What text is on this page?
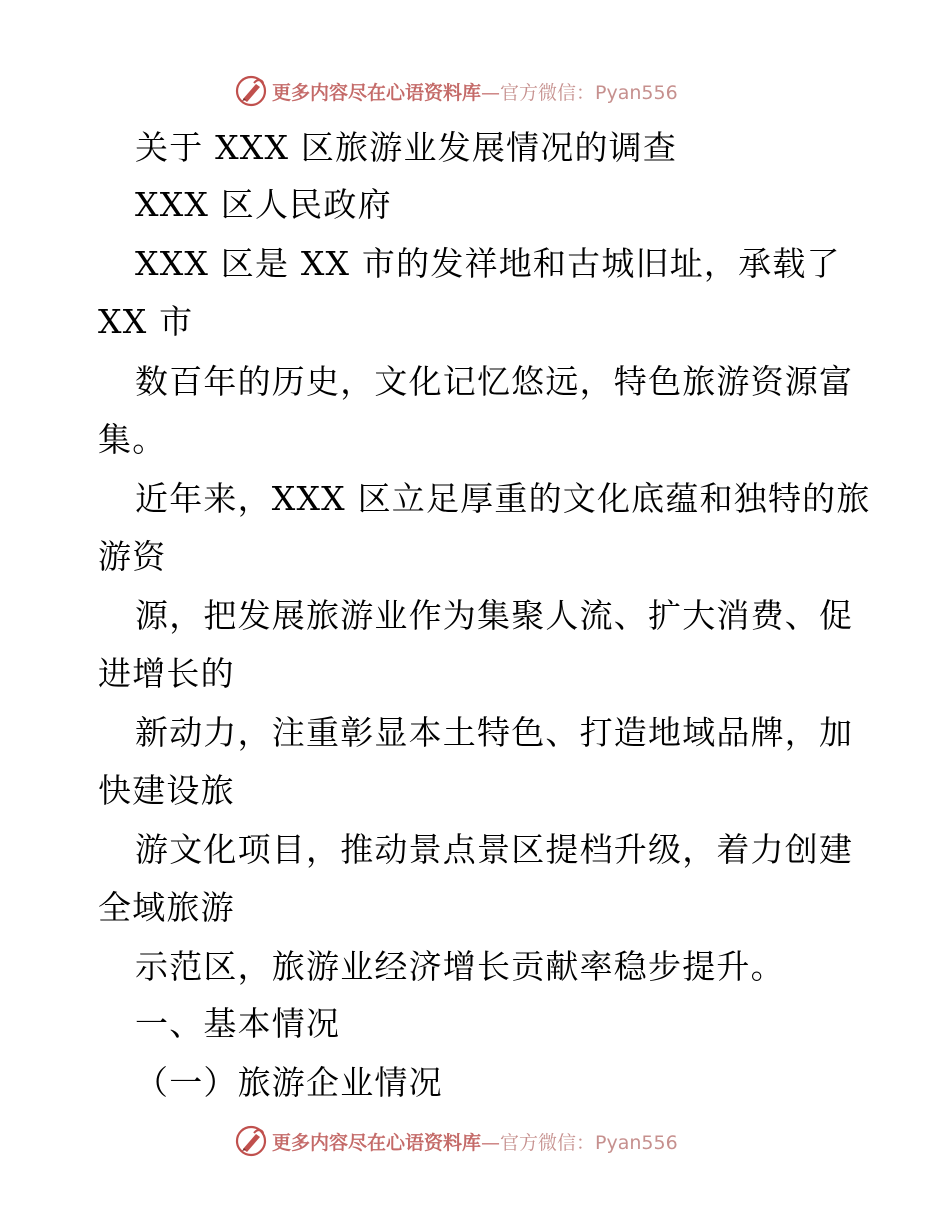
更多内容尽在心语资料库—官方微信：Pyan556
关于 XXX 区旅游业发展情况的调查
XXX 区人民政府
XXX 区是 XX 市的发祥地和古城旧址，承载了
XX 市
数百年的历史，文化记忆悠远，特色旅游资源富
集。
近年来，XXX 区立足厚重的文化底蕴和独特的旅
游资
源，把发展旅游业作为集聚人流、扩大消费、促
进增长的
新动力，注重彰显本土特色、打造地域品牌，加
快建设旅
游文化项目，推动景点景区提档升级，着力创建
全域旅游
示范区，旅游业经济增长贡献率稳步提升。
一、基本情况
（一）旅游企业情况
更多内容尽在心语资料库—官方微信：Pyan556
